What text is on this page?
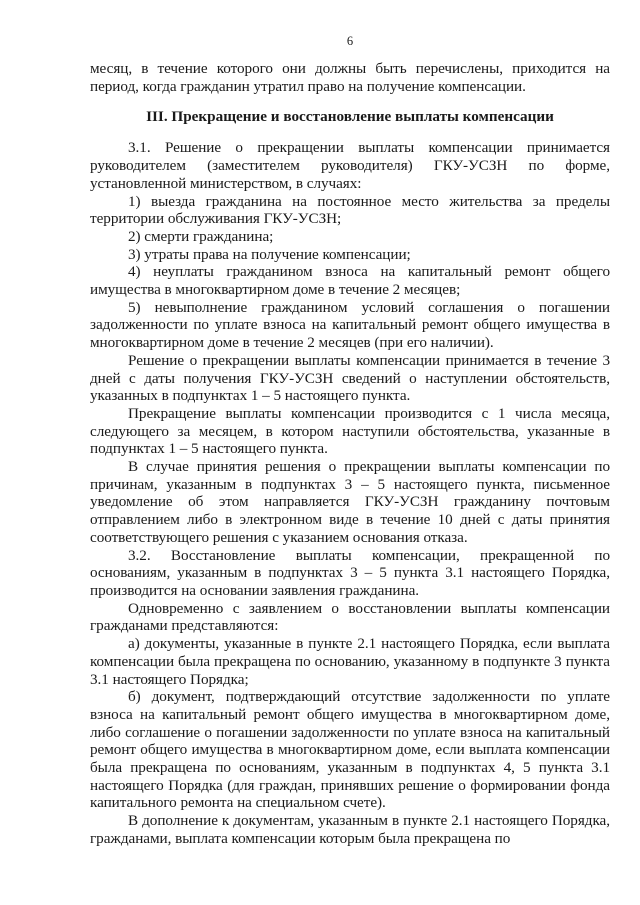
6

месяц, в течение которого они должны быть перечислены, приходится на период, когда гражданин утратил право на получение компенсации.

III. Прекращение и восстановление выплаты компенсации

3.1. Решение о прекращении выплаты компенсации принимается руководителем (заместителем руководителя) ГКУ-УСЗН по форме, установленной министерством, в случаях:

1) выезда гражданина на постоянное место жительства за пределы территории обслуживания ГКУ-УСЗН;

2) смерти гражданина;

3) утраты права на получение компенсации;

4) неуплаты гражданином взноса на капитальный ремонт общего имущества в многоквартирном доме в течение 2 месяцев;

5) невыполнение гражданином условий соглашения о погашении задолженности по уплате взноса на капитальный ремонт общего имущества в многоквартирном доме в течение 2 месяцев (при его наличии).

Решение о прекращении выплаты компенсации принимается в течение 3 дней с даты получения ГКУ-УСЗН сведений о наступлении обстоятельств, указанных в подпунктах 1 – 5 настоящего пункта.

Прекращение выплаты компенсации производится с 1 числа месяца, следующего за месяцем, в котором наступили обстоятельства, указанные в подпунктах 1 – 5 настоящего пункта.

В случае принятия решения о прекращении выплаты компенсации по причинам, указанным в подпунктах 3 – 5 настоящего пункта, письменное уведомление об этом направляется ГКУ-УСЗН гражданину почтовым отправлением либо в электронном виде в течение 10 дней с даты принятия соответствующего решения с указанием основания отказа.

3.2. Восстановление выплаты компенсации, прекращенной по основаниям, указанным в подпунктах 3 – 5 пункта 3.1 настоящего Порядка, производится на основании заявления гражданина.

Одновременно с заявлением о восстановлении выплаты компенсации гражданами представляются:

а) документы, указанные в пункте 2.1 настоящего Порядка, если выплата компенсации была прекращена по основанию, указанному в подпункте 3 пункта 3.1 настоящего Порядка;

б) документ, подтверждающий отсутствие задолженности по уплате взноса на капитальный ремонт общего имущества в многоквартирном доме, либо соглашение о погашении задолженности по уплате взноса на капитальный ремонт общего имущества в многоквартирном доме, если выплата компенсации была прекращена по основаниям, указанным в подпунктах 4, 5 пункта 3.1 настоящего Порядка (для граждан, принявших решение о формировании фонда капитального ремонта на специальном счете).

В дополнение к документам, указанным в пункте 2.1 настоящего Порядка, гражданами, выплата компенсации которым была прекращена по
